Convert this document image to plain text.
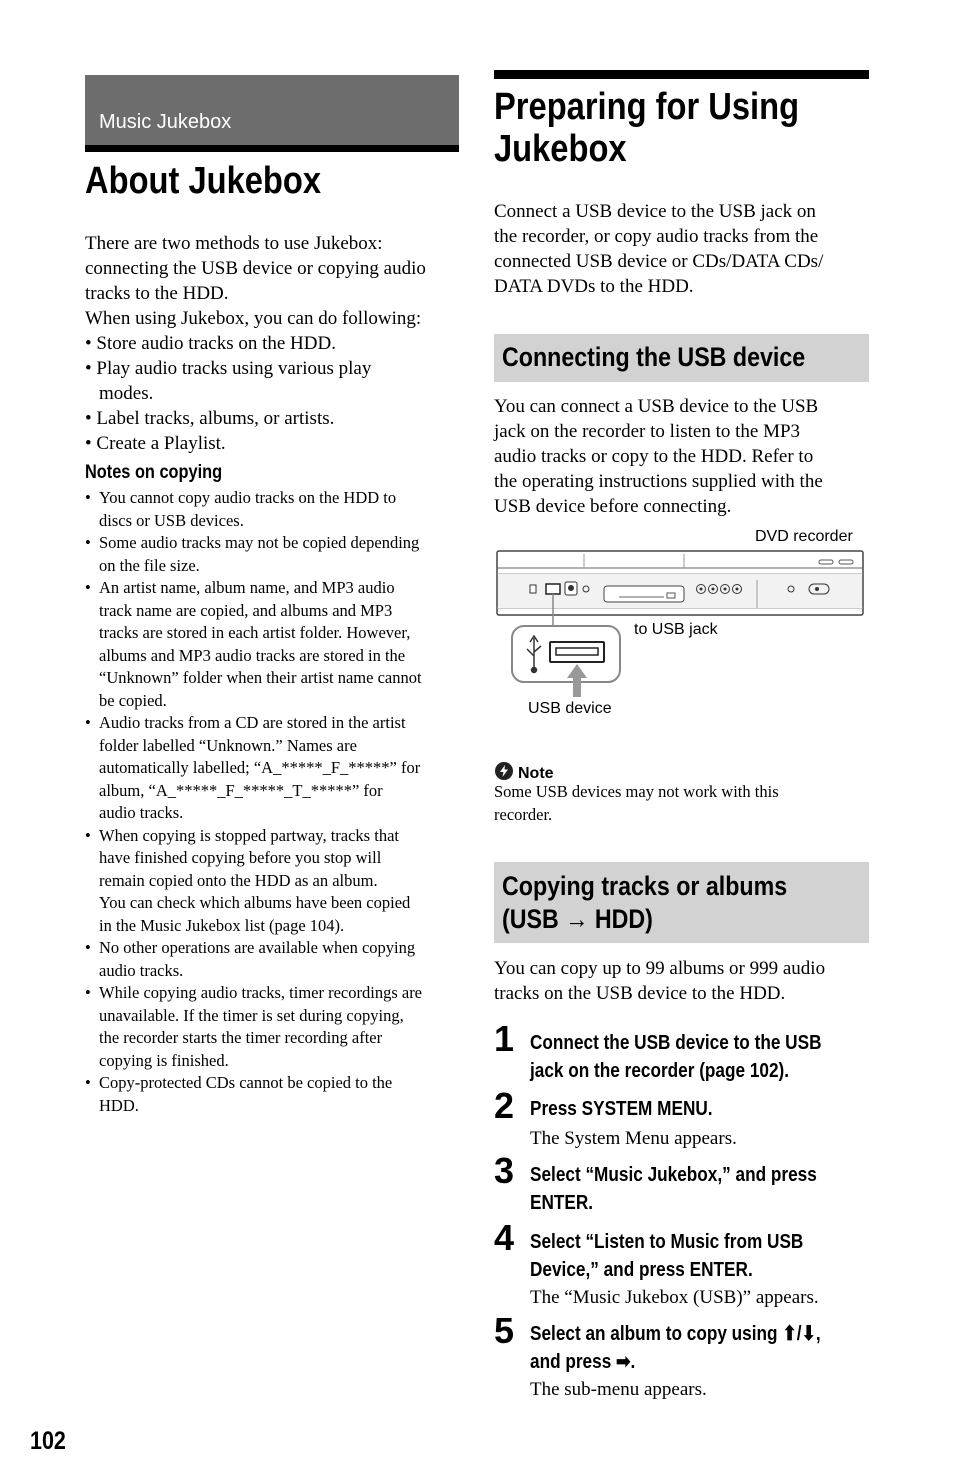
Music Jukebox
About Jukebox
There are two methods to use Jukebox:
connecting the USB device or copying audio
tracks to the HDD.
When using Jukebox, you can do following:
• Store audio tracks on the HDD.
• Play audio tracks using various play
modes.
• Label tracks, albums, or artists.
• Create a Playlist.
Notes on copying
• You cannot copy audio tracks on the HDD to
discs or USB devices.
• Some audio tracks may not be copied depending
on the file size.
• An artist name, album name, and MP3 audio
track name are copied, and albums and MP3
tracks are stored in each artist folder. However,
albums and MP3 audio tracks are stored in the
“Unknown” folder when their artist name cannot
be copied.
• Audio tracks from a CD are stored in the artist
folder labelled “Unknown.” Names are
automatically labelled; “A_*****_F_*****” for
album, “A_*****_F_*****_T_*****” for
audio tracks.
• When copying is stopped partway, tracks that
have finished copying before you stop will
remain copied onto the HDD as an album.
You can check which albums have been copied
in the Music Jukebox list (page 104).
• No other operations are available when copying
audio tracks.
• While copying audio tracks, timer recordings are
unavailable. If the timer is set during copying,
the recorder starts the timer recording after
copying is finished.
• Copy-protected CDs cannot be copied to the
HDD.
102
Preparing for Using
Jukebox
Connect a USB device to the USB jack on
the recorder, or copy audio tracks from the
connected USB device or CDs/DATA CDs/
DATA DVDs to the HDD.
Connecting the USB device
You can connect a USB device to the USB
jack on the recorder to listen to the MP3
audio tracks or copy to the HDD. Refer to
the operating instructions supplied with the
USB device before connecting.
DVD recorder
to USB jack
USB device
Note
Some USB devices may not work with this
recorder.
Copying tracks or albums
(USB → HDD)
You can copy up to 99 albums or 999 audio
tracks on the USB device to the HDD.
1 Connect the USB device to the USB
jack on the recorder (page 102).
2 Press SYSTEM MENU.
The System Menu appears.
3 Select “Music Jukebox,” and press
ENTER.
4 Select “Listen to Music from USB
Device,” and press ENTER.
The “Music Jukebox (USB)” appears.
5 Select an album to copy using ⬆/⬇,
and press ➡.
The sub-menu appears.
